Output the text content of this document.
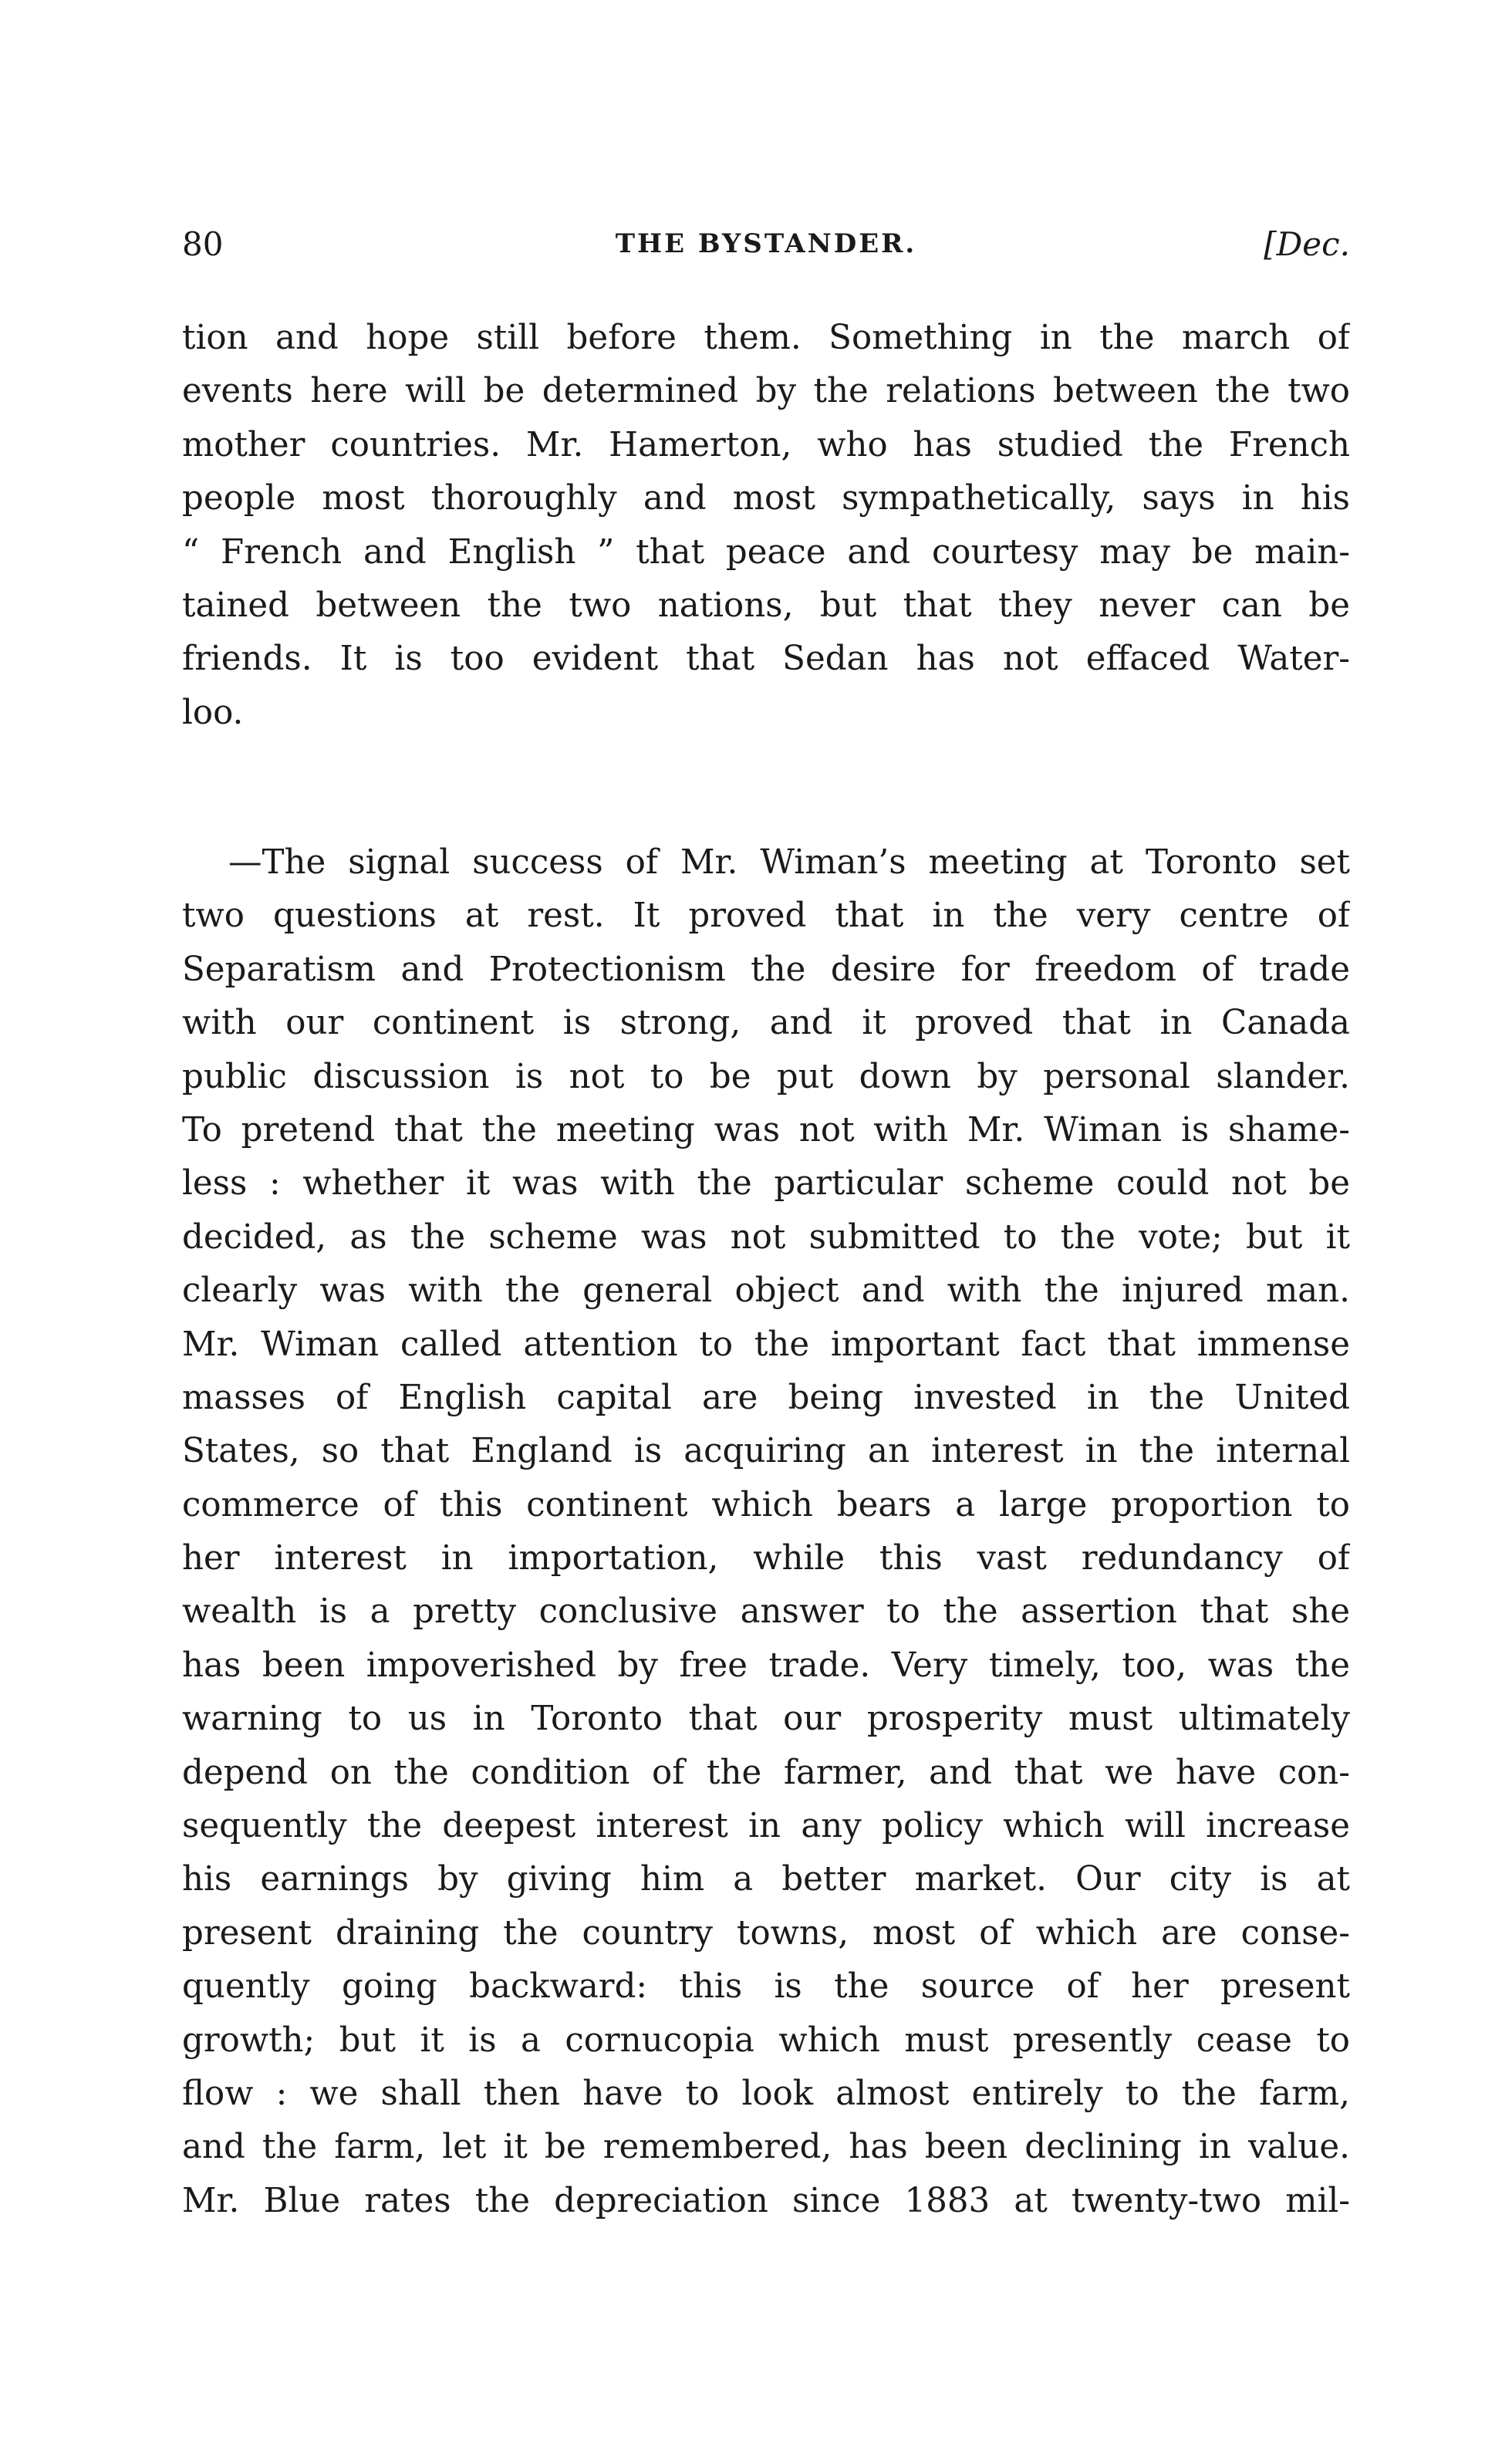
80	THE BYSTANDER.	[Dec.
tion and hope still before them. Something in the march of
events here will be determined by the relations between the two
mother countries. Mr. Hamerton, who has studied the French
people most thoroughly and most sympathetically, says in his
“ French and English ” that peace and courtesy may be main-
tained between the two nations, but that they never can be
friends. It is too evident that Sedan has not effaced Water-
loo.
—The signal success of Mr. Wiman’s meeting at Toronto set
two questions at rest. It proved that in the very centre of
Separatism and Protectionism the desire for freedom of trade
with our continent is strong, and it proved that in Canada
public discussion is not to be put down by personal slander.
To pretend that the meeting was not with Mr. Wiman is shame-
less : whether it was with the particular scheme could not be
decided, as the scheme was not submitted to the vote; but it
clearly was with the general object and with the injured man.
Mr. Wiman called attention to the important fact that immense
masses of English capital are being invested in the United
States, so that England is acquiring an interest in the internal
commerce of this continent which bears a large proportion to
her interest in importation, while this vast redundancy of
wealth is a pretty conclusive answer to the assertion that she
has been impoverished by free trade. Very timely, too, was the
warning to us in Toronto that our prosperity must ultimately
depend on the condition of the farmer, and that we have con-
sequently the deepest interest in any policy which will increase
his earnings by giving him a better market. Our city is at
present draining the country towns, most of which are conse-
quently going backward: this is the source of her present
growth; but it is a cornucopia which must presently cease to
flow : we shall then have to look almost entirely to the farm,
and the farm, let it be remembered, has been declining in value.
Mr. Blue rates the depreciation since 1883 at twenty-two mil-
